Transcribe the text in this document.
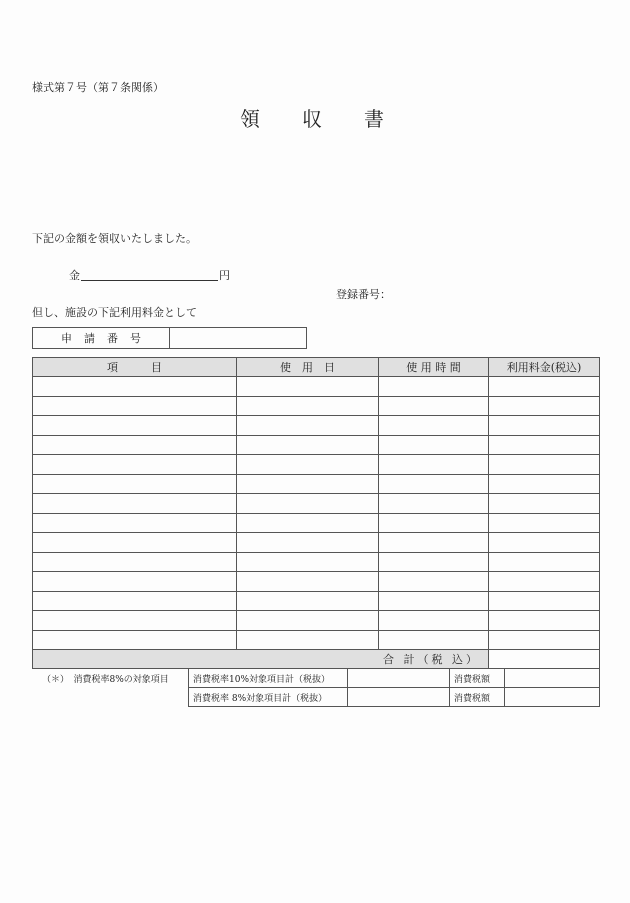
様式第７号（第７条関係）
領 収 書
下記の金額を領収いたしました。
金	円
登録番号：
但し、施設の下記利用料金として
申請番号
項　　　目	使　用　日	使 用 時 間	利用料金(税込)

合 計（税 込）			
（＊）　消費税率8%の対象項目	消費税率10%対象項目計（税抜）		消費税額	
消費税率 8%対象項目計（税抜）		消費税額	
